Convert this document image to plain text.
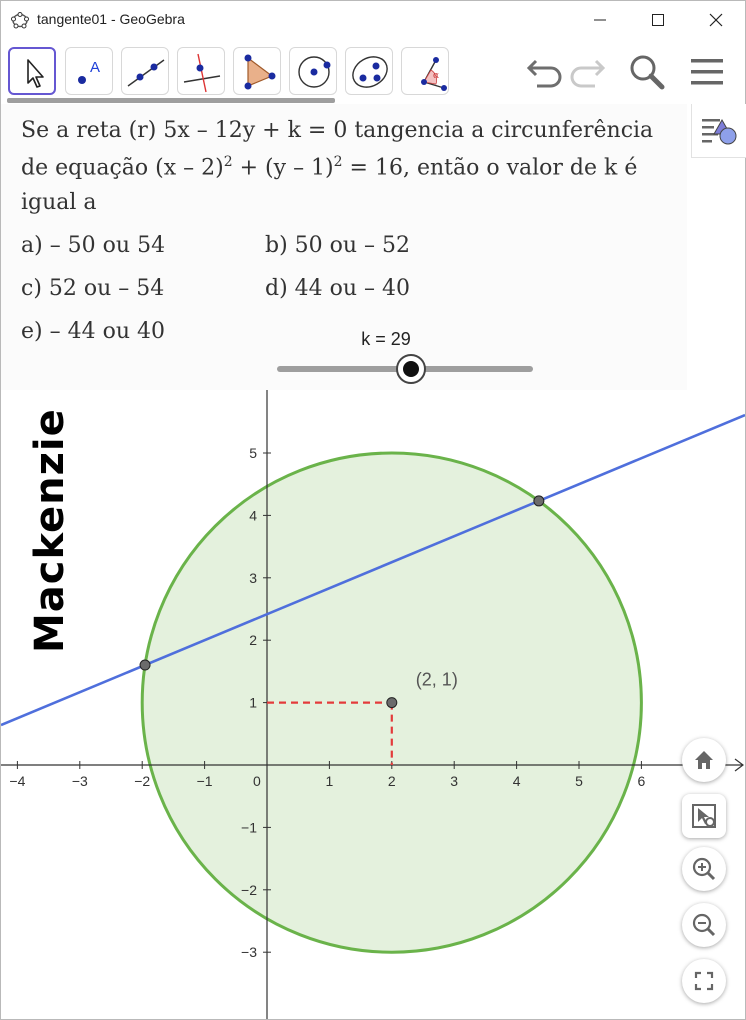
tangente01 - GeoGebra
A	α
Se a reta (r) 5x – 12y + k = 0 tangencia a circunferência
de equação (x – 2)$^2$ + (y – 1)$^2$ = 16, então o valor de k é
igual a
a) – 50 ou 54	b) 50 ou – 52
c) 52 ou – 54	d) 44 ou – 40
e) – 44 ou 40	k = 29
−4	−3	−2	−1	0	1	2	3	4	5	6
5
4
3
2
1
−1
−2
−3
(2, 1)
Mackenzie
